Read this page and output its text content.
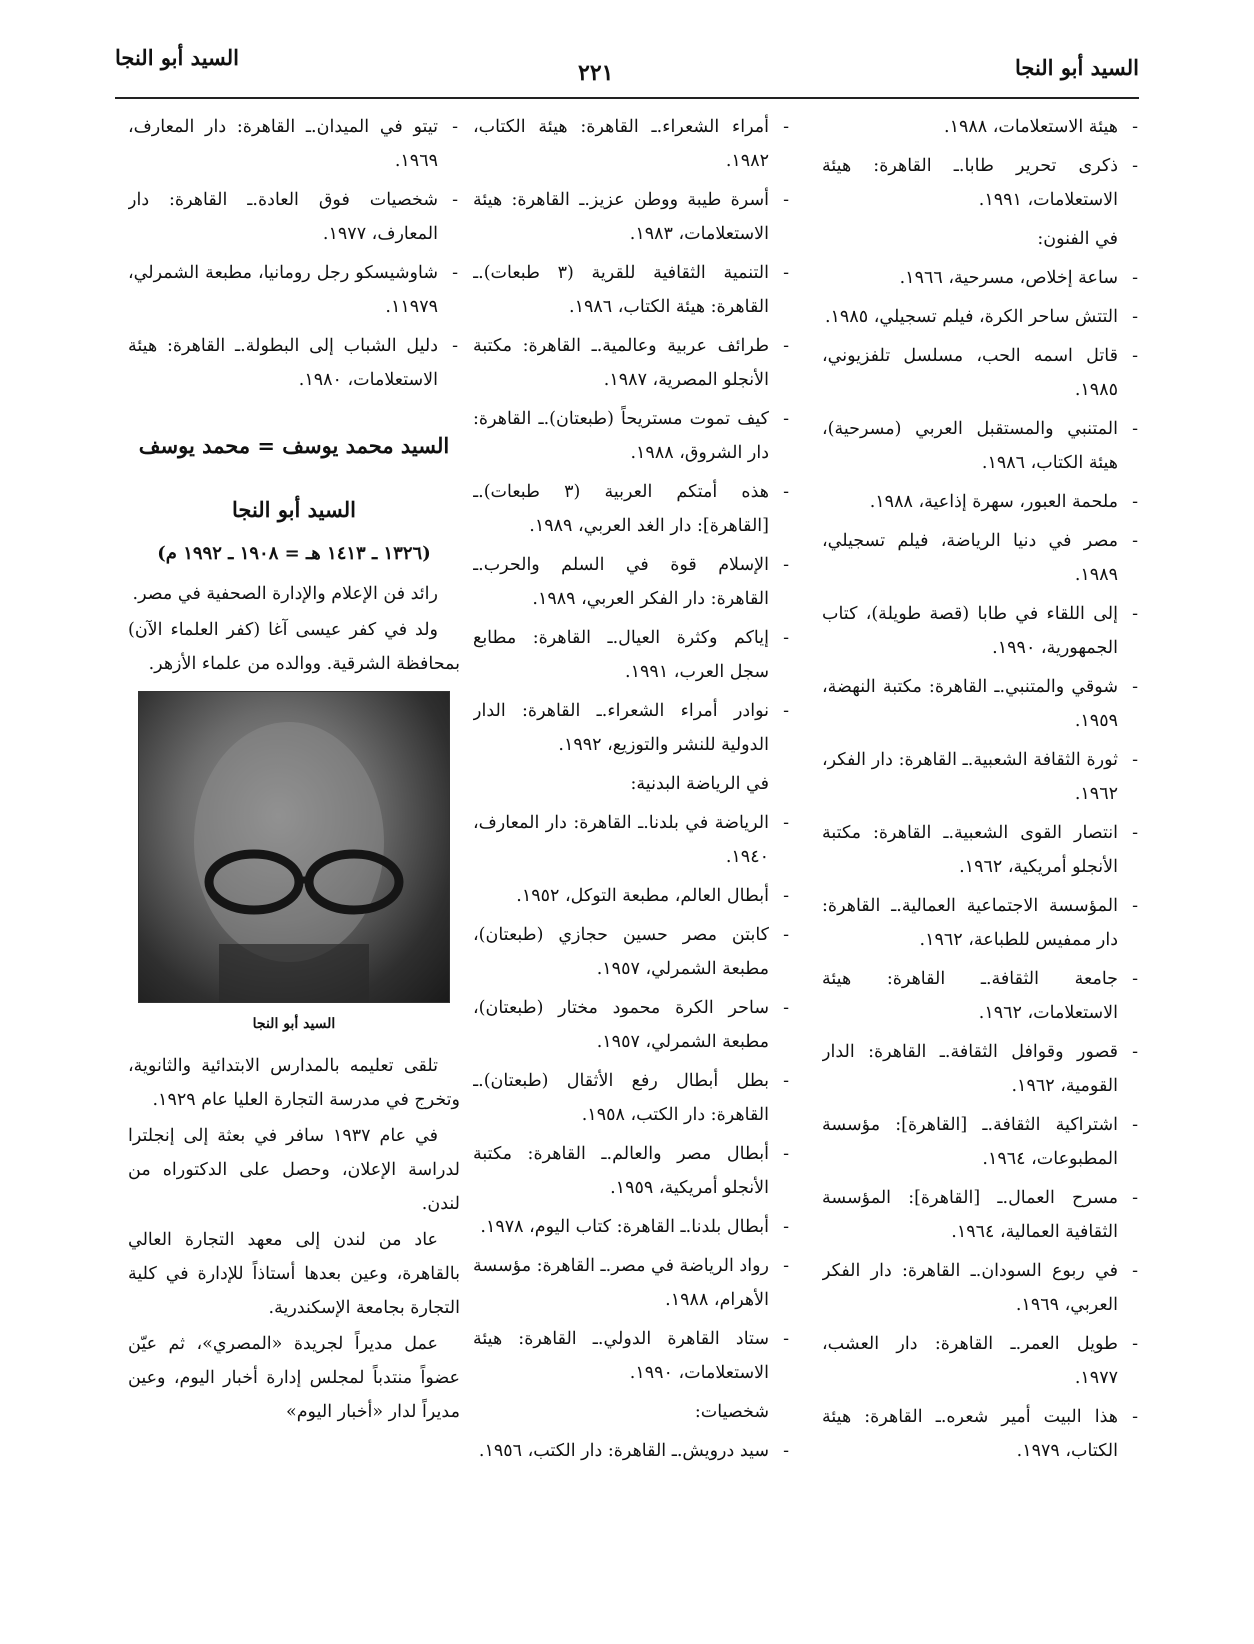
السيد أبو النجا
٢٢١	السيد أبو النجا
-
هيئة الاستعلامات، ١٩٨٨.
-
ذكرى تحرير طابا.ـ القاهرة: هيئة الاستعلامات، ١٩٩١.
في الفنون:
-
ساعة إخلاص، مسرحية، ١٩٦٦.
-
التتش ساحر الكرة، فيلم تسجيلي، ١٩٨٥.
-
قاتل اسمه الحب، مسلسل تلفزيوني، ١٩٨٥.
-
المتنبي والمستقبل العربي (مسرحية)، هيئة الكتاب، ١٩٨٦.
-
ملحمة العبور، سهرة إذاعية، ١٩٨٨.
-
مصر في دنيا الرياضة، فيلم تسجيلي، ١٩٨٩.
-
إلى اللقاء في طابا (قصة طويلة)، كتاب الجمهورية، ١٩٩٠.
-
شوقي والمتنبي.ـ القاهرة: مكتبة النهضة، ١٩٥٩.
-
ثورة الثقافة الشعبية.ـ القاهرة: دار الفكر، ١٩٦٢.
-
انتصار القوى الشعبية.ـ القاهرة: مكتبة الأنجلو أمريكية، ١٩٦٢.
-
المؤسسة الاجتماعية العمالية.ـ القاهرة: دار ممفيس للطباعة، ١٩٦٢.
-
جامعة الثقافة.ـ القاهرة: هيئة الاستعلامات، ١٩٦٢.
-
قصور وقوافل الثقافة.ـ القاهرة: الدار القومية، ١٩٦٢.
-
اشتراكية الثقافة.ـ [القاهرة]: مؤسسة المطبوعات، ١٩٦٤.
-
مسرح العمال.ـ [القاهرة]: المؤسسة الثقافية العمالية، ١٩٦٤.
-
في ربوع السودان.ـ القاهرة: دار الفكر العربي، ١٩٦٩.
-
طويل العمر.ـ القاهرة: دار العشب، ١٩٧٧.
-
هذا البيت أمير شعره.ـ القاهرة: هيئة الكتاب، ١٩٧٩.
-
أمراء الشعراء.ـ القاهرة: هيئة الكتاب، ١٩٨٢.
-
أسرة طيبة ووطن عزيز.ـ القاهرة: هيئة الاستعلامات، ١٩٨٣.
-
التنمية الثقافية للقرية (٣ طبعات).ـ القاهرة: هيئة الكتاب، ١٩٨٦.
-
طرائف عربية وعالمية.ـ القاهرة: مكتبة الأنجلو المصرية، ١٩٨٧.
-
كيف تموت مستريحاً (طبعتان).ـ القاهرة: دار الشروق، ١٩٨٨.
-
هذه أمتكم العربية (٣ طبعات).ـ [القاهرة]: دار الغد العربي، ١٩٨٩.
-
الإسلام قوة في السلم والحرب.ـ القاهرة: دار الفكر العربي، ١٩٨٩.
-
إياكم وكثرة العيال.ـ القاهرة: مطابع سجل العرب، ١٩٩١.
-
نوادر أمراء الشعراء.ـ القاهرة: الدار الدولية للنشر والتوزيع، ١٩٩٢.
في الرياضة البدنية:
-
الرياضة في بلدنا.ـ القاهرة: دار المعارف، ١٩٤٠.
-
أبطال العالم، مطبعة التوكل، ١٩٥٢.
-
كابتن مصر حسين حجازي (طبعتان)، مطبعة الشمرلي، ١٩٥٧.
-
ساحر الكرة محمود مختار (طبعتان)، مطبعة الشمرلي، ١٩٥٧.
-
بطل أبطال رفع الأثقال (طبعتان).ـ القاهرة: دار الكتب، ١٩٥٨.
-
أبطال مصر والعالم.ـ القاهرة: مكتبة الأنجلو أمريكية، ١٩٥٩.
-
أبطال بلدنا.ـ القاهرة: كتاب اليوم، ١٩٧٨.
-
رواد الرياضة في مصر.ـ القاهرة: مؤسسة الأهرام، ١٩٨٨.
-
ستاد القاهرة الدولي.ـ القاهرة: هيئة الاستعلامات، ١٩٩٠.
شخصيات:
-
سيد درويش.ـ القاهرة: دار الكتب، ١٩٥٦.
-
تيتو في الميدان.ـ القاهرة: دار المعارف، ١٩٦٩.
-
شخصيات فوق العادة.ـ القاهرة: دار المعارف، ١٩٧٧.
-
شاوشيسكو رجل رومانيا، مطبعة الشمرلي، ١١٩٧٩.
-
دليل الشباب إلى البطولة.ـ القاهرة: هيئة الاستعلامات، ١٩٨٠.
السيد محمد يوسف = محمد يوسف
السيد أبو النجا
(١٣٢٦ ـ ١٤١٣ هـ = ١٩٠٨ ـ ١٩٩٢ م)

رائد فن الإعلام والإدارة الصحفية في مصر.

ولد في كفر عيسى آغا (كفر العلماء الآن) بمحافظة الشرقية. ووالده من علماء الأزهر.

السيد أبو النجا

تلقى تعليمه بالمدارس الابتدائية والثانوية، وتخرج في مدرسة التجارة العليا عام ١٩٢٩.

في عام ١٩٣٧ سافر في بعثة إلى إنجلترا لدراسة الإعلان، وحصل على الدكتوراه من لندن.

عاد من لندن إلى معهد التجارة العالي بالقاهرة، وعين بعدها أستاذاً للإدارة في كلية التجارة بجامعة الإسكندرية.

عمل مديراً لجريدة «المصري»، ثم عيّن عضواً منتدباً لمجلس إدارة أخبار اليوم، وعين مديراً لدار «أخبار اليوم»
